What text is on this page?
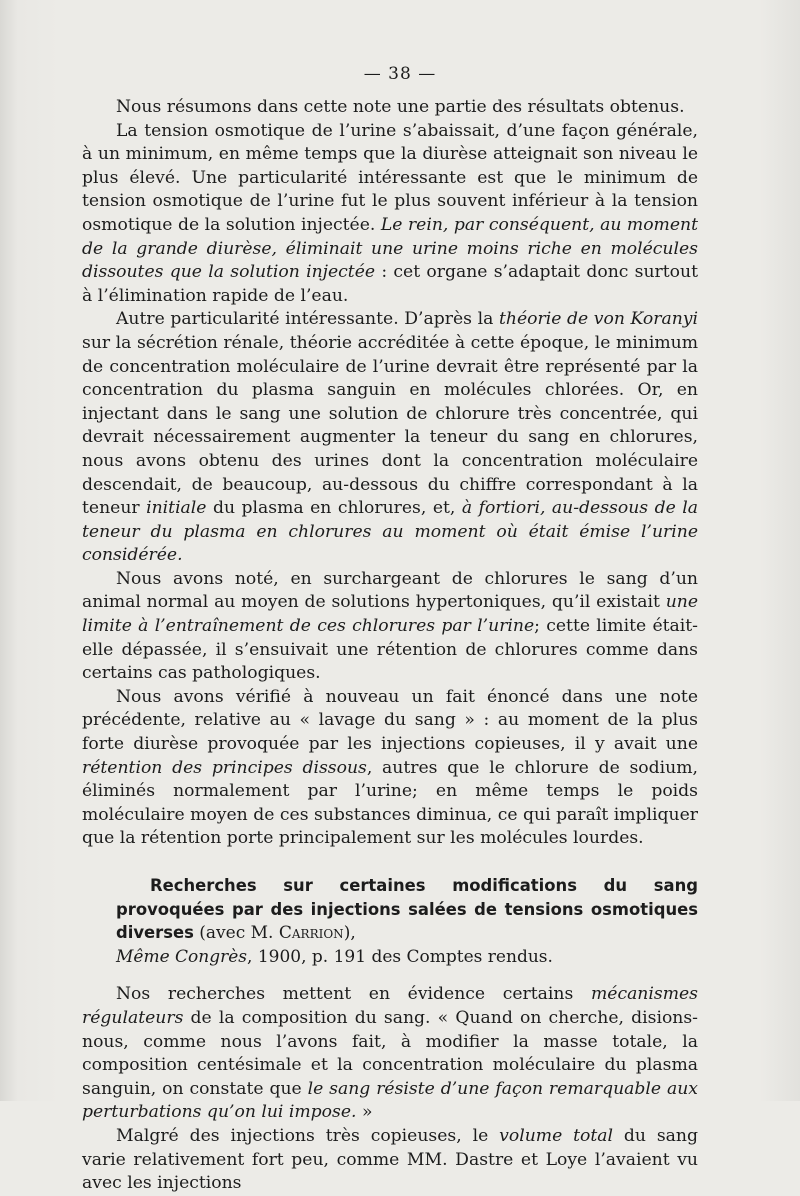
— 38 —

Nous résumons dans cette note une partie des résultats obtenus.

La tension osmotique de l’urine s’abaissait, d’une façon générale, à un minimum, en même temps que la diurèse atteignait son niveau le plus élevé. Une particularité intéressante est que le minimum de tension osmotique de l’urine fut le plus souvent inférieur à la tension osmotique de la solution injectée. Le rein, par conséquent, au moment de la grande diurèse, éliminait une urine moins riche en molécules dissoutes que la solution injectée : cet organe s’adaptait donc surtout à l’élimination rapide de l’eau.

Autre particularité intéressante. D’après la théorie de von Koranyi sur la sécrétion rénale, théorie accréditée à cette époque, le minimum de concentration moléculaire de l’urine devrait être représenté par la concentration du plasma sanguin en molécules chlorées. Or, en injectant dans le sang une solution de chlorure très concentrée, qui devrait nécessairement augmenter la teneur du sang en chlorures, nous avons obtenu des urines dont la concentration moléculaire descendait, de beaucoup, au-dessous du chiffre correspondant à la teneur initiale du plasma en chlorures, et, à fortiori, au-dessous de la teneur du plasma en chlorures au moment où était émise l’urine considérée.

Nous avons noté, en surchargeant de chlorures le sang d’un animal normal au moyen de solutions hypertoniques, qu’il existait une limite à l’entraînement de ces chlorures par l’urine; cette limite était-elle dépassée, il s’ensuivait une rétention de chlorures comme dans certains cas pathologiques.

Nous avons vérifié à nouveau un fait énoncé dans une note précédente, relative au « lavage du sang » : au moment de la plus forte diurèse provoquée par les injections copieuses, il y avait une rétention des principes dissous, autres que le chlorure de sodium, éliminés normalement par l’urine; en même temps le poids moléculaire moyen de ces substances diminua, ce qui paraît impliquer que la rétention porte principalement sur les molécules lourdes.

Recherches sur certaines modifications du sang provoquées par des injections salées de tensions osmotiques diverses (avec M. Carrion),
Même Congrès, 1900, p. 191 des Comptes rendus.

Nos recherches mettent en évidence certains mécanismes régulateurs de la composition du sang. « Quand on cherche, disions-nous, comme nous l’avons fait, à modifier la masse totale, la composition centésimale et la concentration moléculaire du plasma sanguin, on constate que le sang résiste d’une façon remarquable aux perturbations qu’on lui impose. »

Malgré des injections très copieuses, le volume total du sang varie relativement fort peu, comme MM. Dastre et Loye l’avaient vu avec les injections
